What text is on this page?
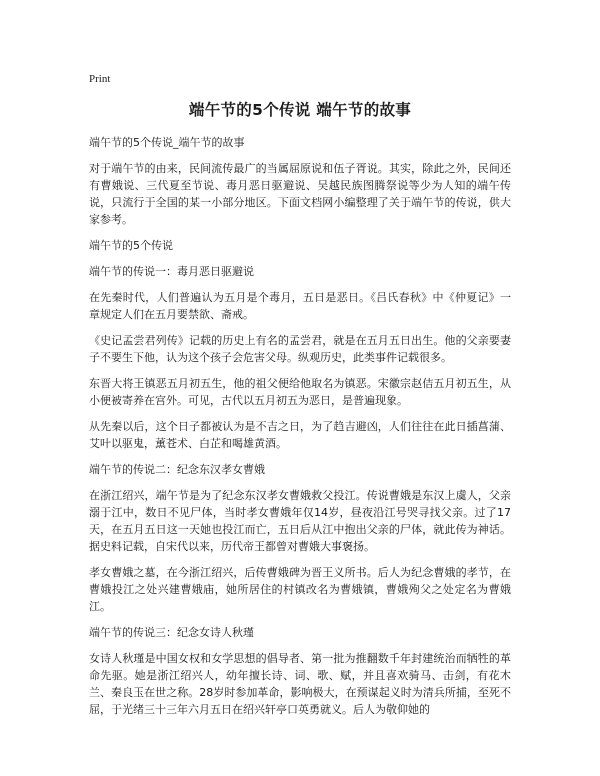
Print
端午节的5个传说 端午节的故事
端午节的5个传说_端午节的故事
对于端午节的由来，民间流传最广的当属屈原说和伍子胥说。其实，除此之外，民间还有曹娥说、三代夏至节说、毒月恶日驱避说、吴越民族图腾祭说等少为人知的端午传说，只流行于全国的某一小部分地区。下面文档网小编整理了关于端午节的传说，供大家参考。
端午节的5个传说
端午节的传说一：毒月恶日驱避说
在先秦时代，人们普遍认为五月是个毒月，五日是恶日。《吕氏春秋》中《仲夏记》一章规定人们在五月要禁欲、斋戒。
《史记孟尝君列传》记载的历史上有名的孟尝君，就是在五月五日出生。他的父亲要妻子不要生下他，认为这个孩子会危害父母。纵观历史，此类事件记载很多。
东晋大将王镇恶五月初五生，他的祖父便给他取名为镇恶。宋徽宗赵佶五月初五生，从小便被寄养在宫外。可见，古代以五月初五为恶日，是普遍现象。
从先秦以后，这个日子都被认为是不吉之日，为了趋吉避凶，人们往往在此日插菖蒲、艾叶以驱鬼，薰苍术、白芷和喝雄黄酒。
端午节的传说二：纪念东汉孝女曹娥
在浙江绍兴，端午节是为了纪念东汉孝女曹娥救父投江。传说曹娥是东汉上虞人，父亲溺于江中，数日不见尸体，当时孝女曹娥年仅14岁，昼夜沿江号哭寻找父亲。过了17天，在五月五日这一天她也投江而亡，五日后从江中抱出父亲的尸体，就此传为神话。据史料记载，自宋代以来，历代帝王都曾对曹娥大事褒扬。
孝女曹娥之墓，在今浙江绍兴，后传曹娥碑为晋王义所书。后人为纪念曹娥的孝节，在曹娥投江之处兴建曹娥庙，她所居住的村镇改名为曹娥镇，曹娥殉父之处定名为曹娥江。
端午节的传说三：纪念女诗人秋瑾
女诗人秋瑾是中国女权和女学思想的倡导者、第一批为推翻数千年封建统治而牺牲的革命先驱。她是浙江绍兴人，幼年擅长诗、词、歌、赋，并且喜欢骑马、击剑，有花木兰、秦良玉在世之称。28岁时参加革命，影响极大，在预谋起义时为清兵所捕，至死不屈，于光绪三十三年六月五日在绍兴轩亭口英勇就义。后人为敬仰她的
